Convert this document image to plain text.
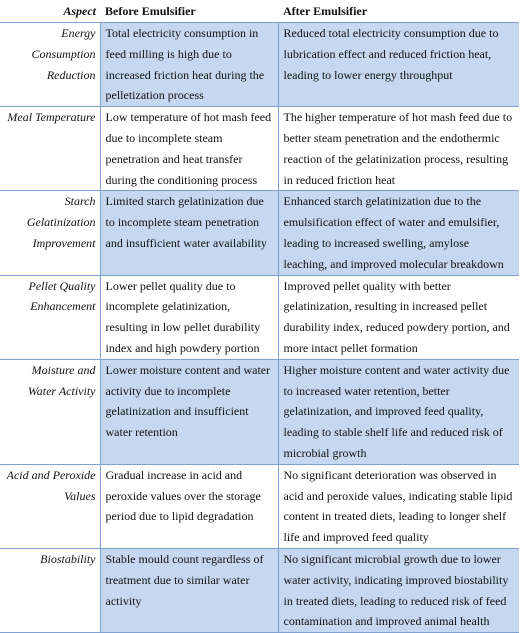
Aspect	Before Emulsifier	After Emulsifier
Energy Consumption Reduction	Total electricity consumption in feed milling is high due to increased friction heat during the pelletization process	Reduced total electricity consumption due to lubrication effect and reduced friction heat, leading to lower energy throughput
Meal Temperature	Low temperature of hot mash feed due to incomplete steam penetration and heat transfer during the conditioning process	The higher temperature of hot mash feed due to better steam penetration and the endothermic reaction of the gelatinization process, resulting in reduced friction heat
Starch Gelatinization Improvement	Limited starch gelatinization due to incomplete steam penetration and insufficient water availability	Enhanced starch gelatinization due to the emulsification effect of water and emulsifier, leading to increased swelling, amylose leaching, and improved molecular breakdown
Pellet Quality Enhancement	Lower pellet quality due to incomplete gelatinization, resulting in low pellet durability index and high powdery portion	Improved pellet quality with better gelatinization, resulting in increased pellet durability index, reduced powdery portion, and more intact pellet formation
Moisture and Water Activity	Lower moisture content and water activity due to incomplete gelatinization and insufficient water retention	Higher moisture content and water activity due to increased water retention, better gelatinization, and improved feed quality, leading to stable shelf life and reduced risk of microbial growth
Acid and Peroxide Values	Gradual increase in acid and peroxide values over the storage period due to lipid degradation	No significant deterioration was observed in acid and peroxide values, indicating stable lipid content in treated diets, leading to longer shelf life and improved feed quality
Biostability	Stable mould count regardless of treatment due to similar water activity	No significant microbial growth due to lower water activity, indicating improved biostability in treated diets, leading to reduced risk of feed contamination and improved animal health
